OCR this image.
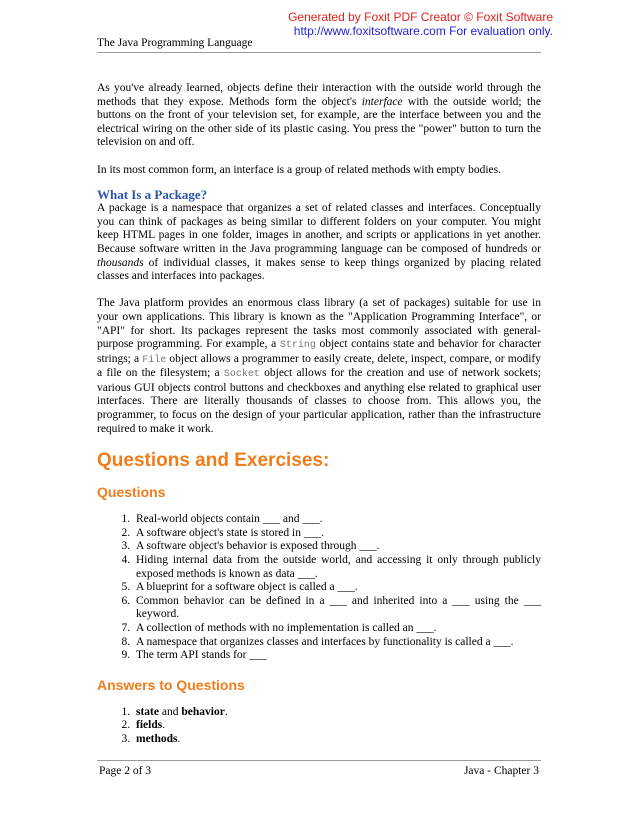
Generated by Foxit PDF Creator © Foxit Software
http://www.foxitsoftware.com For evaluation only.
The Java Programming Language

As you've already learned, objects define their interaction with the outside world through the methods that they expose. Methods form the object's interface with the outside world; the buttons on the front of your television set, for example, are the interface between you and the electrical wiring on the other side of its plastic casing. You press the "power" button to turn the television on and off.

In its most common form, an interface is a group of related methods with empty bodies.

What Is a Package?

A package is a namespace that organizes a set of related classes and interfaces. Conceptually you can think of packages as being similar to different folders on your computer. You might keep HTML pages in one folder, images in another, and scripts or applications in yet another. Because software written in the Java programming language can be composed of hundreds or thousands of individual classes, it makes sense to keep things organized by placing related classes and interfaces into packages.

The Java platform provides an enormous class library (a set of packages) suitable for use in your own applications. This library is known as the "Application Programming Interface", or "API" for short. Its packages represent the tasks most commonly associated with general-purpose programming. For example, a String object contains state and behavior for character strings; a File object allows a programmer to easily create, delete, inspect, compare, or modify a file on the filesystem; a Socket object allows for the creation and use of network sockets; various GUI objects control buttons and checkboxes and anything else related to graphical user interfaces. There are literally thousands of classes to choose from. This allows you, the programmer, to focus on the design of your particular application, rather than the infrastructure required to make it work.

Questions and Exercises:
Questions
1. Real-world objects contain ___ and ___.
2. A software object's state is stored in ___.
3. A software object's behavior is exposed through ___.
4. Hiding internal data from the outside world, and accessing it only through publicly exposed methods is known as data ___.
5. A blueprint for a software object is called a ___.
6. Common behavior can be defined in a ___ and inherited into a ___ using the ___ keyword.
7. A collection of methods with no implementation is called an ___.
8. A namespace that organizes classes and interfaces by functionality is called a ___.
9. The term API stands for ___
Answers to Questions
1. state and behavior.
2. fields.
3. methods.
Page 2 of 3	Java - Chapter 3
